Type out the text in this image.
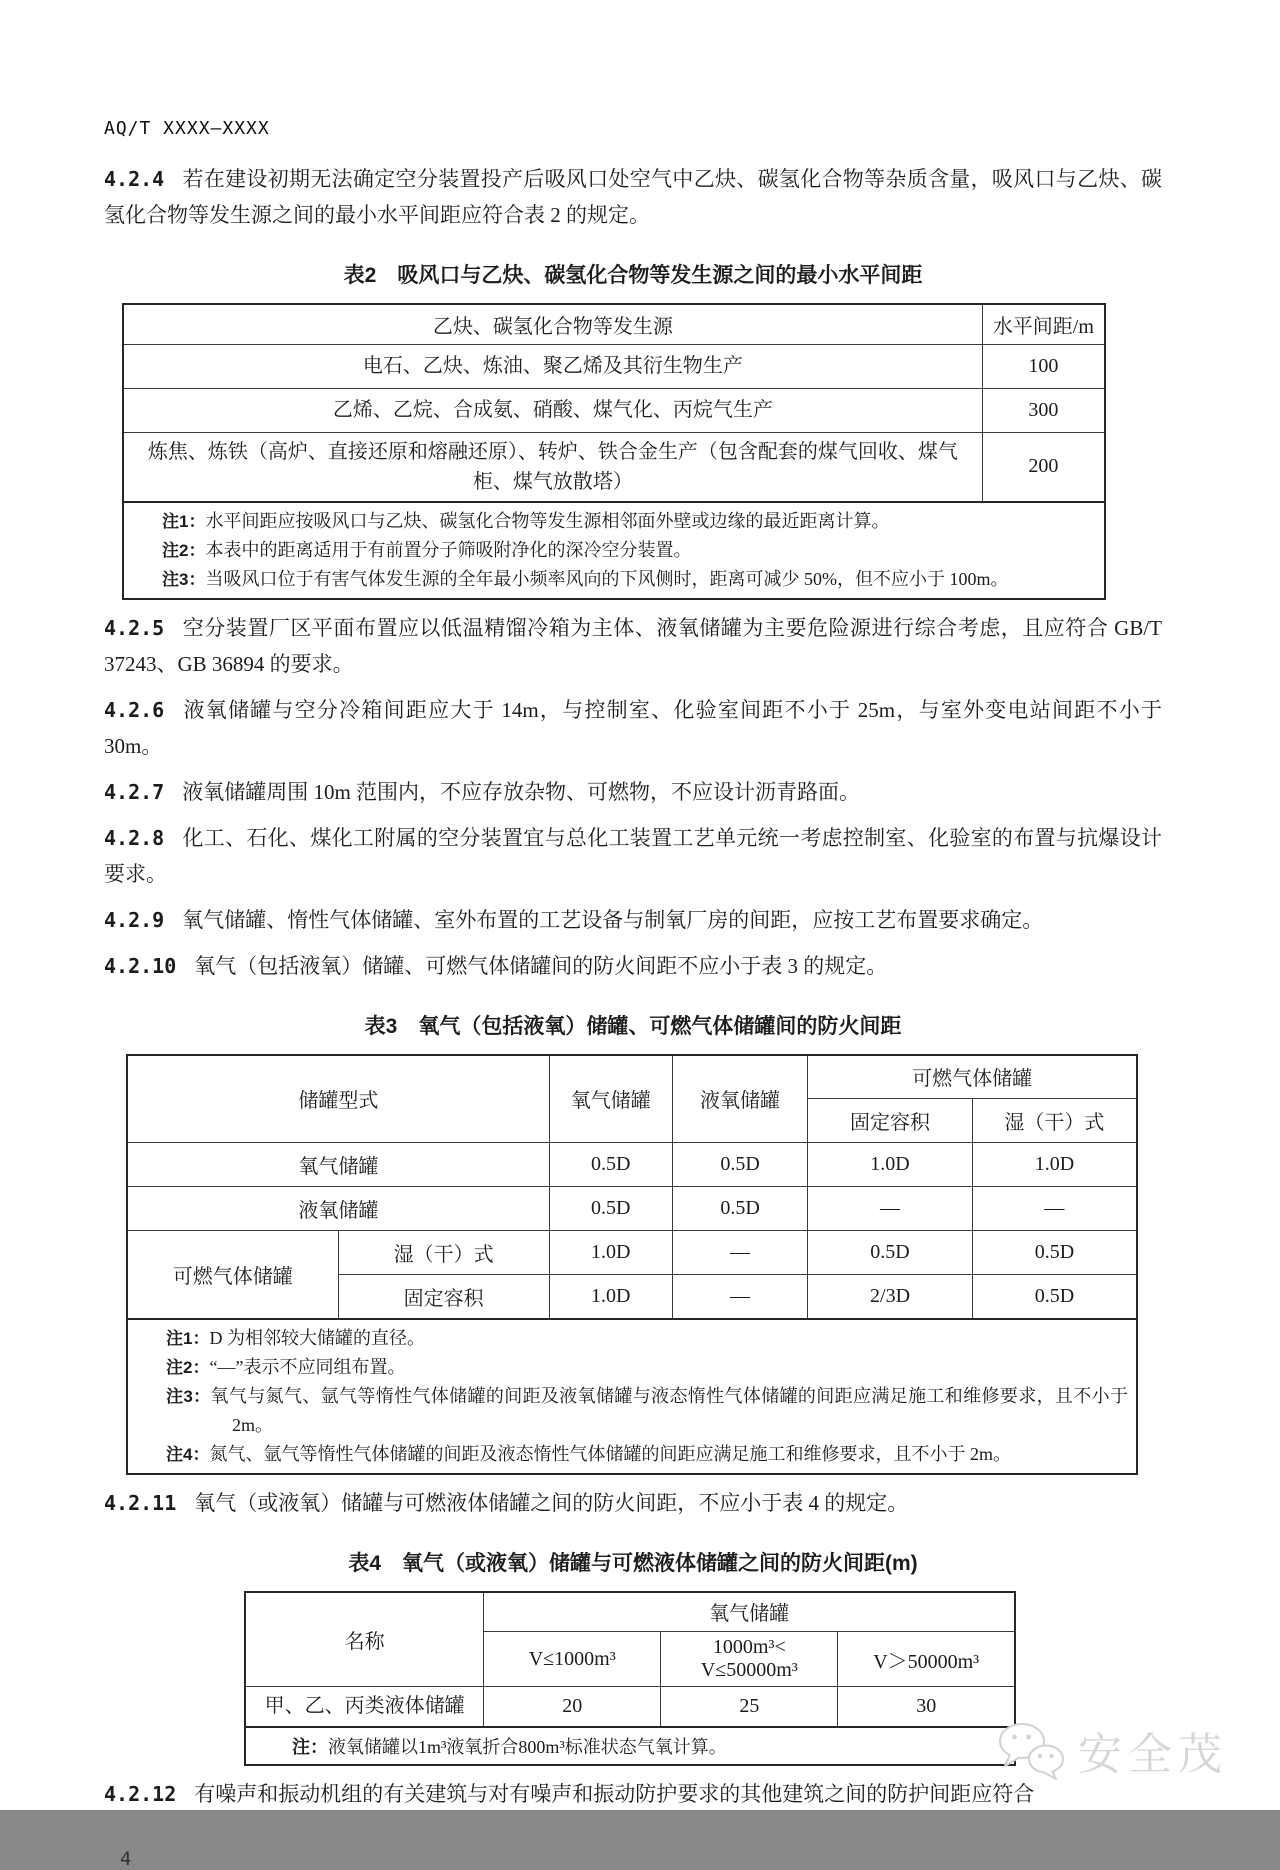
AQ/T XXXX—XXXX

4.2.4 若在建设初期无法确定空分装置投产后吸风口处空气中乙炔、碳氢化合物等杂质含量，吸风口与乙炔、碳氢化合物等发生源之间的最小水平间距应符合表 2 的规定。

表2　吸风口与乙炔、碳氢化合物等发生源之间的最小水平间距
乙炔、碳氢化合物等发生源	水平间距/m
电石、乙炔、炼油、聚乙烯及其衍生物生产	100
乙烯、乙烷、合成氨、硝酸、煤气化、丙烷气生产	300
炼焦、炼铁（高炉、直接还原和熔融还原）、转炉、铁合金生产（包含配套的煤气回收、煤气柜、煤气放散塔）	200

注1：水平间距应按吸风口与乙炔、碳氢化合物等发生源相邻面外壁或边缘的最近距离计算。
注2：本表中的距离适用于有前置分子筛吸附净化的深冷空分装置。
注3：当吸风口位于有害气体发生源的全年最小频率风向的下风侧时，距离可减少 50%，但不应小于 100m。	

4.2.5 空分装置厂区平面布置应以低温精馏冷箱为主体、液氧储罐为主要危险源进行综合考虑，且应符合 GB/T 37243、GB 36894 的要求。

4.2.6 液氧储罐与空分冷箱间距应大于 14m，与控制室、化验室间距不小于 25m，与室外变电站间距不小于 30m。

4.2.7 液氧储罐周围 10m 范围内，不应存放杂物、可燃物，不应设计沥青路面。

4.2.8 化工、石化、煤化工附属的空分装置宜与总化工装置工艺单元统一考虑控制室、化验室的布置与抗爆设计要求。

4.2.9 氧气储罐、惰性气体储罐、室外布置的工艺设备与制氧厂房的间距，应按工艺布置要求确定。

4.2.10 氧气（包括液氧）储罐、可燃气体储罐间的防火间距不应小于表 3 的规定。

表3　氧气（包括液氧）储罐、可燃气体储罐间的防火间距
储罐型式		氧气储罐	液氧储罐	可燃气体储罐	
				固定容积	湿（干）式
氧气储罐		0.5D	0.5D	1.0D	1.0D
液氧储罐		0.5D	0.5D	—	—
可燃气体储罐	湿（干）式	1.0D	—	0.5D	0.5D
	固定容积	1.0D	—	2/3D	0.5D

注1：D 为相邻较大储罐的直径。
注2：“—”表示不应同组布置。
注3：氧气与氮气、氩气等惰性气体储罐的间距及液氧储罐与液态惰性气体储罐的间距应满足施工和维修要求，且不小于 2m。
注4：氮气、氩气等惰性气体储罐的间距及液态惰性气体储罐的间距应满足施工和维修要求，且不小于 2m。					

4.2.11 氧气（或液氧）储罐与可燃液体储罐之间的防火间距，不应小于表 4 的规定。

表4　氧气（或液氧）储罐与可燃液体储罐之间的防火间距(m)
名称	氧气储罐		
	V≤1000m³	1000m³< V≤50000m³	V＞50000m³
甲、乙、丙类液体储罐	20	25	30
注：液氧储罐以1m³液氧折合800m³标准状态气氧计算。			

4.2.12 有噪声和振动机组的有关建筑与对有噪声和振动防护要求的其他建筑之间的防护间距应符合

4
安全茂
